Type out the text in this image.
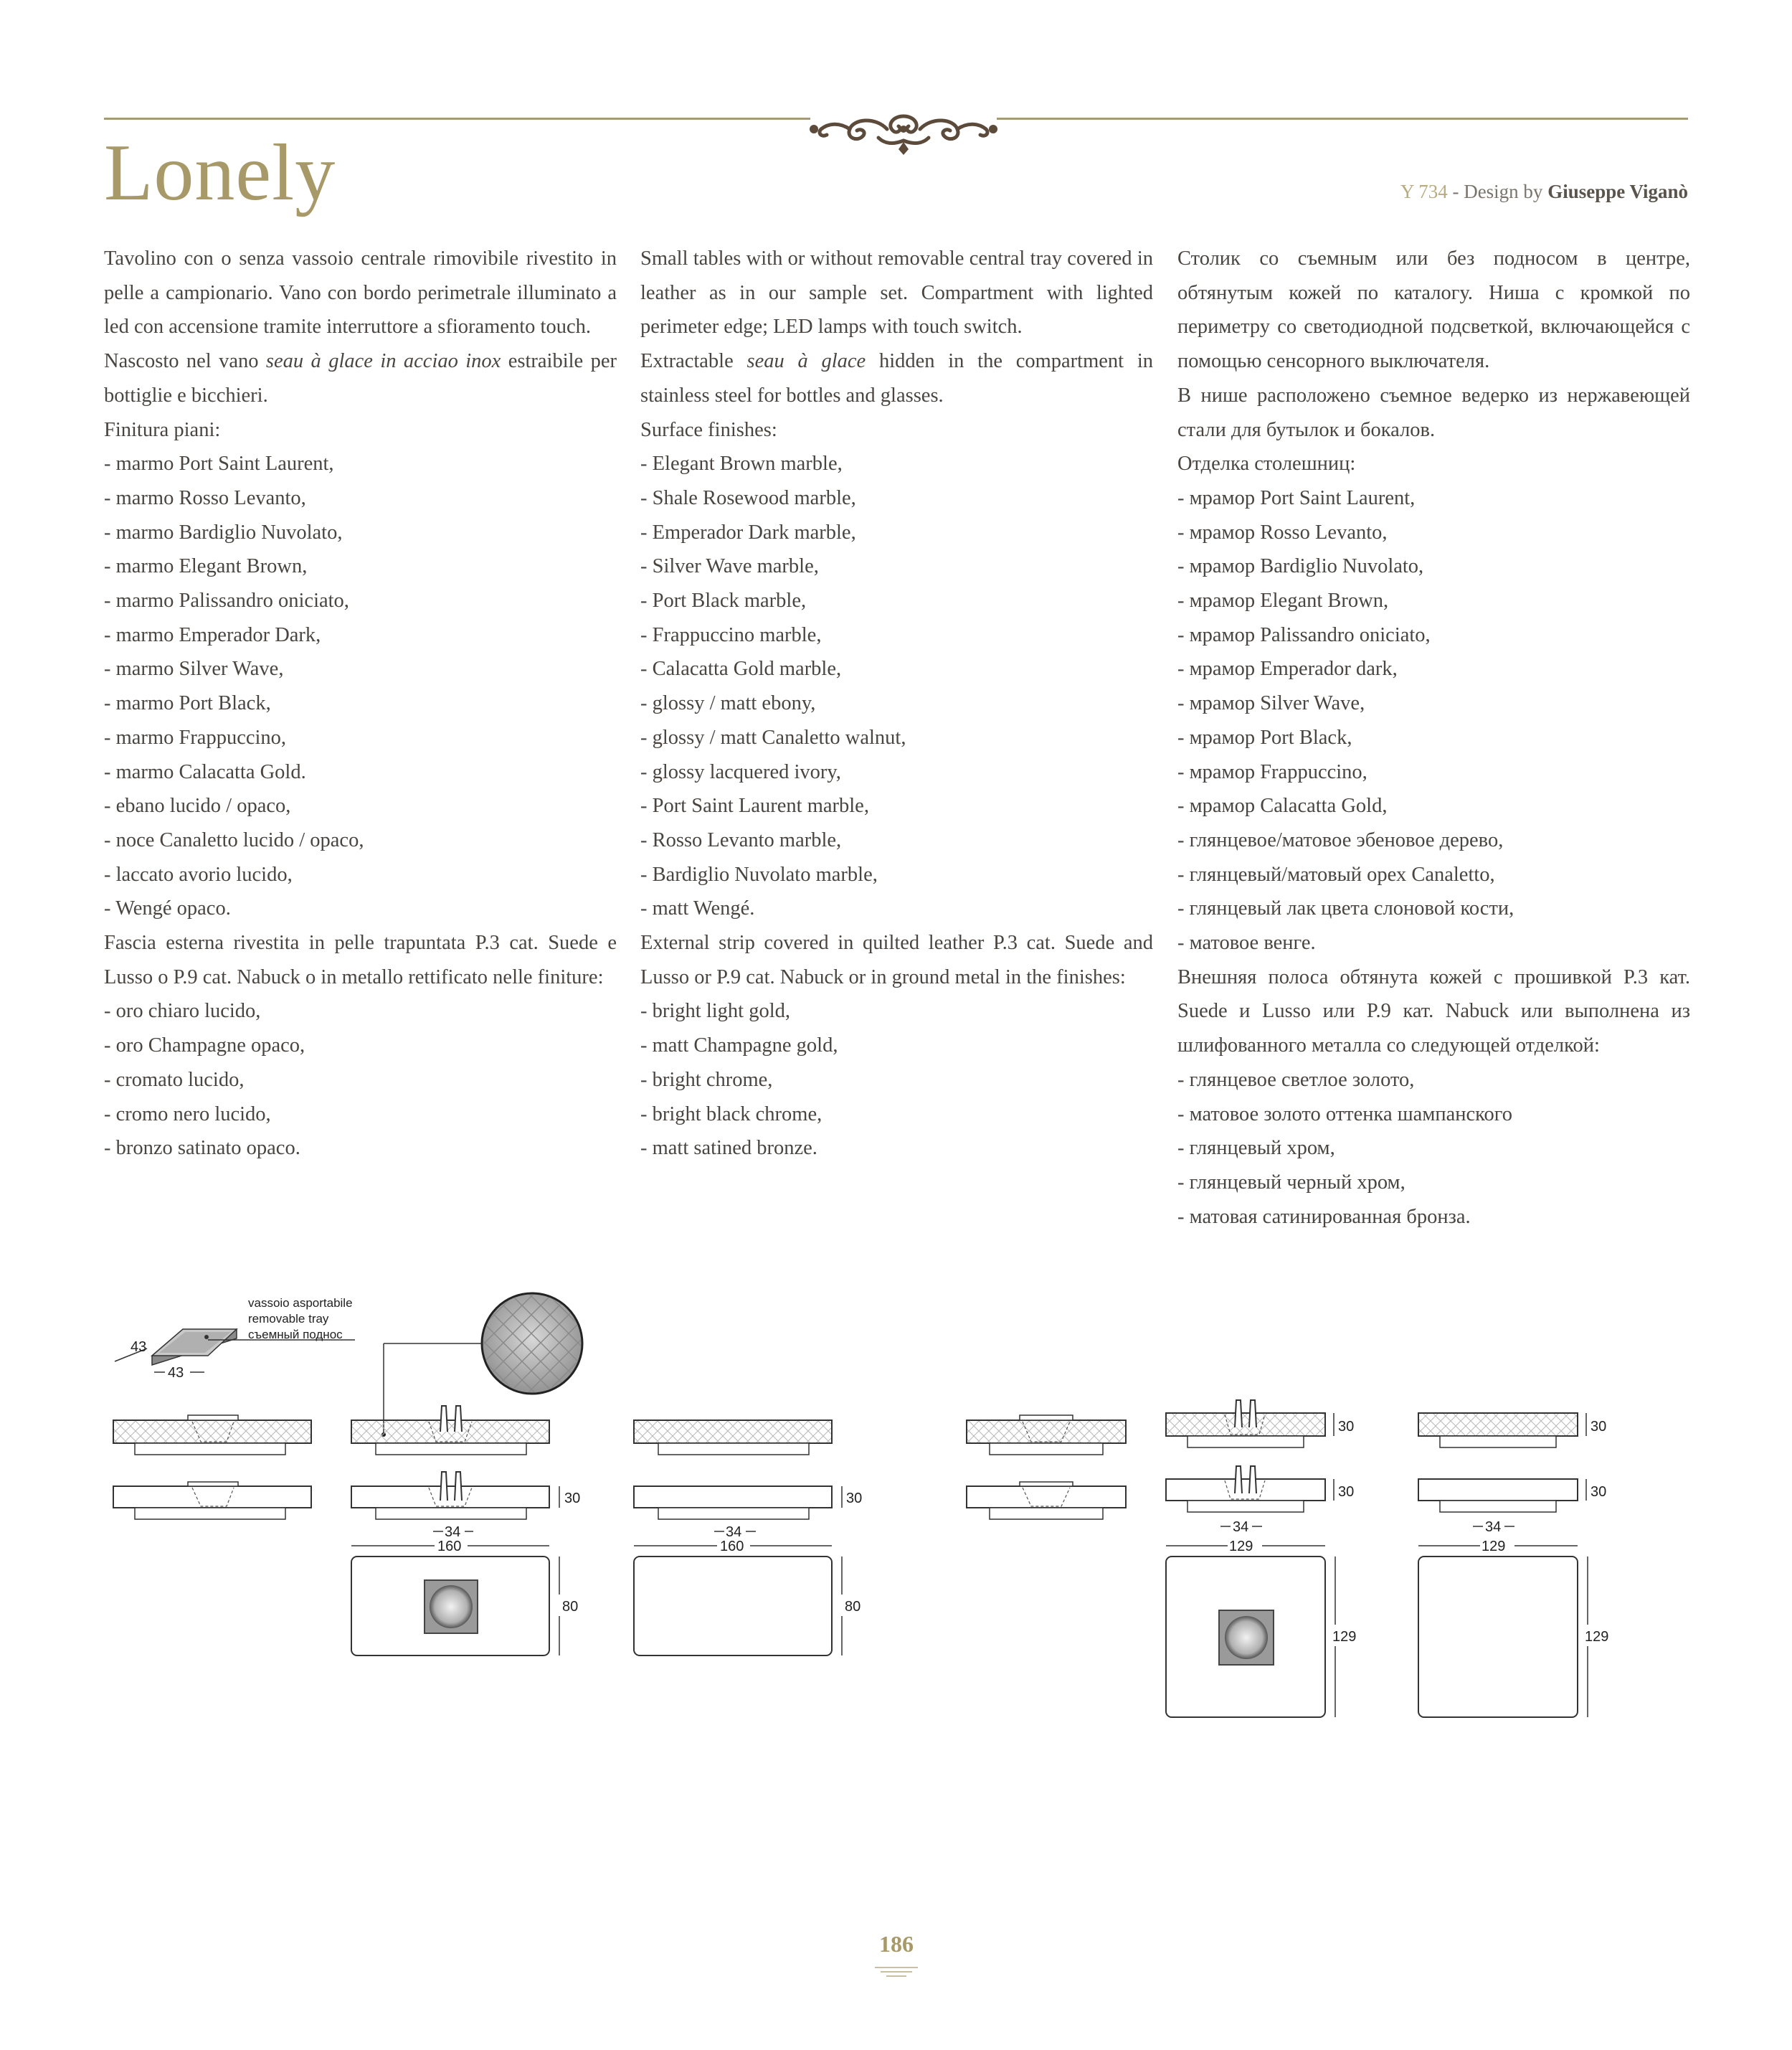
Lonely	Y 734 - Design by Giuseppe Viganò

Tavolino con o senza vassoio centrale rimovibile rivestito in pelle a campionario. Vano con bordo perimetrale illuminato a led con accensione tramite interruttore a sfioramento touch.

Nascosto nel vano seau à glace in acciao inox estraibile per bottiglie e bicchieri.

Finitura piani:

- marmo Port Saint Laurent,

- marmo Rosso Levanto,

- marmo Bardiglio Nuvolato,

- marmo Elegant Brown,

- marmo Palissandro oniciato,

- marmo Emperador Dark,

- marmo Silver Wave,

- marmo Port Black,

- marmo Frappuccino,

- marmo Calacatta Gold.

- ebano lucido / opaco,

- noce Canaletto lucido / opaco,

- laccato avorio lucido,

- Wengé opaco.

Fascia esterna rivestita in pelle trapuntata P.3 cat. Suede e Lusso o P.9 cat. Nabuck o in metallo rettificato nelle finiture:

- oro chiaro lucido,

- oro Champagne opaco,

- cromato lucido,

- cromo nero lucido,

- bronzo satinato opaco.

Small tables with or without removable central tray covered in leather as in our sample set. Compartment with lighted perimeter edge; LED lamps with touch switch.

Extractable seau à glace hidden in the compartment in stainless steel for bottles and glasses.

Surface finishes:

- Elegant Brown marble,

- Shale Rosewood marble,

- Emperador Dark marble,

- Silver Wave marble,

- Port Black marble,

- Frappuccino marble,

- Calacatta Gold marble,

- glossy / matt ebony,

- glossy / matt Canaletto walnut,

- glossy lacquered ivory,

- Port Saint Laurent marble,

- Rosso Levanto marble,

- Bardiglio Nuvolato marble,

- matt Wengé.

External strip covered in quilted leather P.3 cat. Suede and Lusso or P.9 cat. Nabuck or in ground metal in the finishes:

- bright light gold,

- matt Champagne gold,

- bright chrome,

- bright black chrome,

- matt satined bronze.

Столик со съемным или без подносом в центре, обтянутым кожей по каталогу. Ниша с кромкой по периметру со светодиодной подсветкой, включающейся с помощью сенсорного выключателя.

В нише расположено съемное ведерко из нержавеющей стали для бутылок и бокалов.

Отделка столешниц:

- мрамор Port Saint Laurent,

- мрамор Rosso Levanto,

- мрамор Bardiglio Nuvolato,

- мрамор Elegant Brown,

- мрамор Palissandro oniciato,

- мрамор Emperador dark,

- мрамор Silver Wave,

- мрамор Port Black,

- мрамор Frappuccino,

- мрамор Calacatta Gold,

- глянцевое/матовое эбеновое дерево,

- глянцевый/матовый орех Canaletto,

- глянцевый лак цвета слоновой кости,

- матовое венге.

Внешняя полоса обтянута кожей с прошивкой P.3 кат. Suede и Lusso или P.9 кат. Nabuck или выполнена из шлифованного металла со следующей отделкой:

- глянцевое светлое золото,

- матовое золото оттенка шампанского

- глянцевый хром,

- глянцевый черный хром,

- матовая сатинированная бронза.

43
43
vassoio asportabile
removable tray
съемный поднос
30
34
160
80
30
34
160
80
30
30
34
129
129
30
30
34
129
129
186
